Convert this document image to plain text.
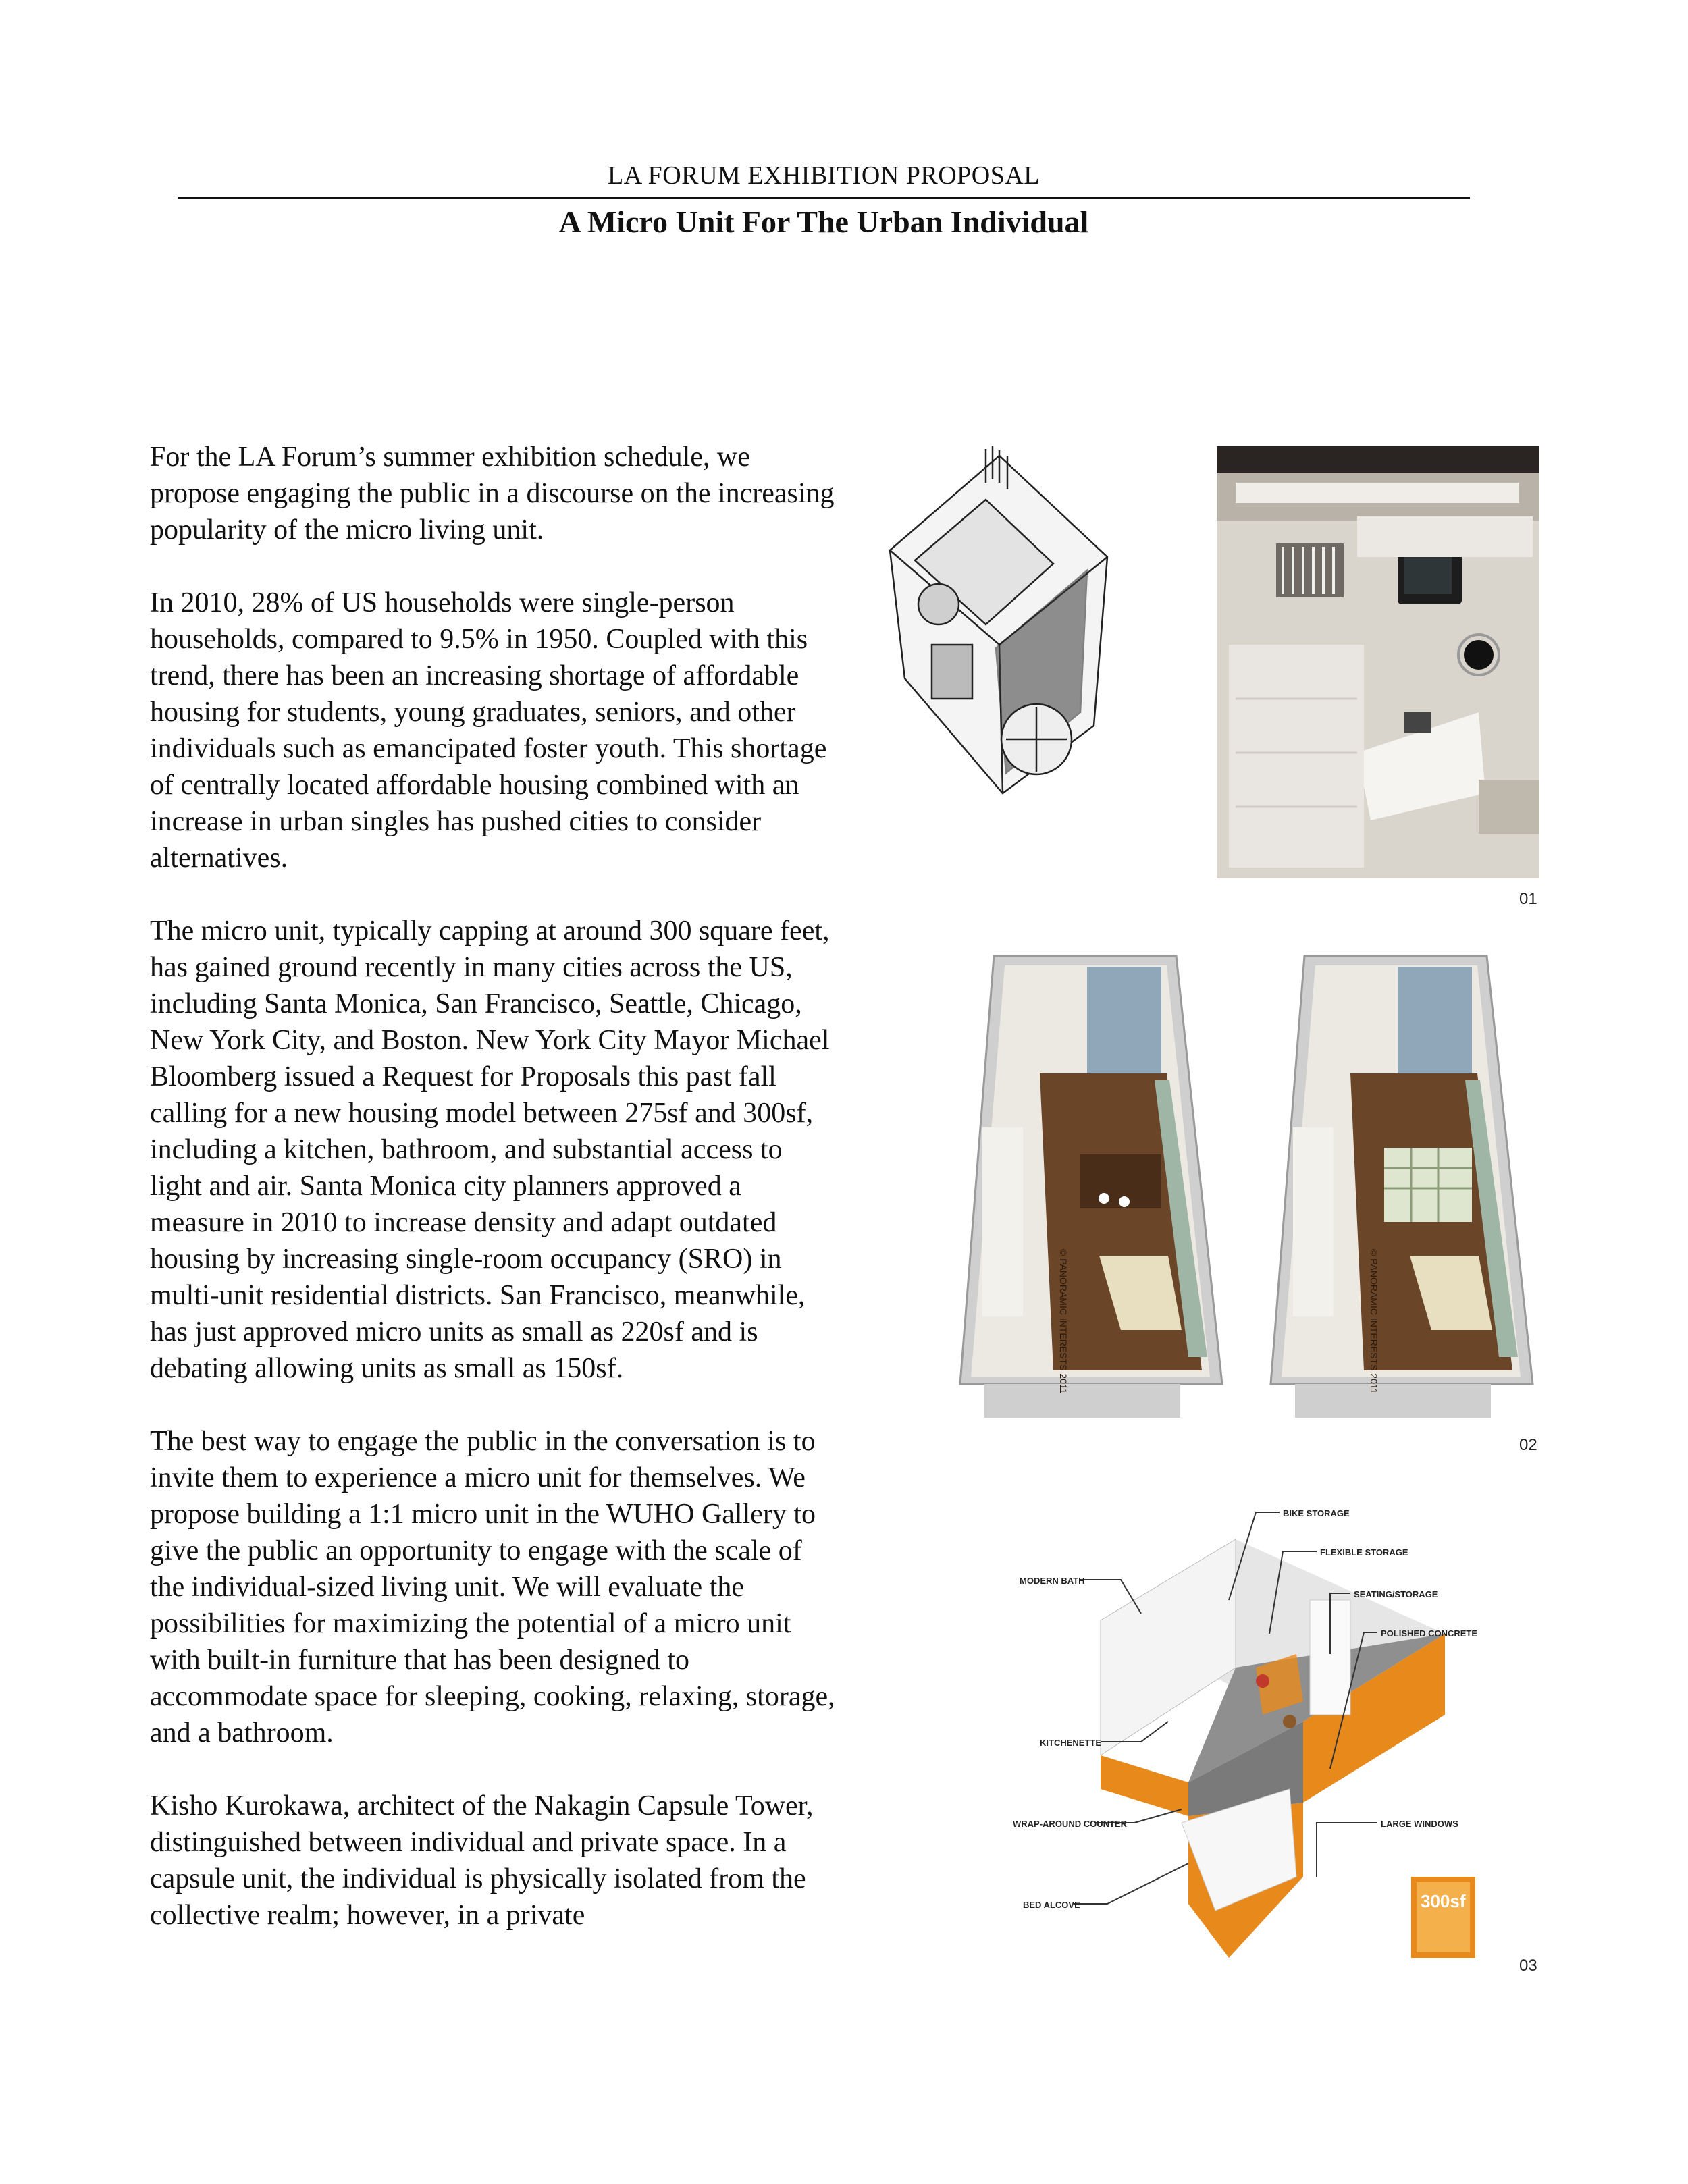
LA FORUM EXHIBITION PROPOSAL
A Micro Unit For The Urban Individual

For the LA Forum’s summer exhibition schedule, we propose engaging the public in a discourse on the increasing popularity of the micro living unit.

In 2010, 28% of US households were single-person households, compared to 9.5% in 1950. Coupled with this trend, there has been an increasing shortage of affordable housing for students, young graduates, seniors, and other individuals such as emancipated foster youth. This shortage of centrally located affordable housing combined with an increase in urban singles has pushed cities to consider alternatives.

The micro unit, typically capping at around 300 square feet, has gained ground recently in many cities across the US, including Santa Monica, San Francisco, Seattle, Chicago, New York City, and Boston. New York City Mayor Michael Bloomberg issued a Request for Proposals this past fall calling for a new housing model between 275sf and 300sf, including a kitchen, bathroom, and substantial access to light and air. Santa Monica city planners approved a measure in 2010 to increase density and adapt outdated housing by increasing single-room occupancy (SRO) in multi-unit residential districts. San Francisco, meanwhile, has just approved micro units as small as 220sf and is debating allowing units as small as 150sf.

The best way to engage the public in the conversation is to invite them to experience a micro unit for themselves. We propose building a 1:1 micro unit in the WUHO Gallery to give the public an opportunity to engage with the scale of the individual-sized living unit. We will evaluate the possibilities for maximizing the potential of a micro unit with built-in furniture that has been designed to accommodate space for sleeping, cooking, relaxing, storage, and a bathroom.

Kisho Kurokawa, architect of the Nakagin Capsule Tower, distinguished between individual and private space. In a capsule unit, the individual is physically isolated from the collective realm; however, in a private

01
© PANORAMIC INTERESTS 2011	© PANORAMIC INTERESTS 2011
02
BIKE STORAGE
FLEXIBLE STORAGE
SEATING/STORAGE
POLISHED CONCRETE
MODERN BATH
KITCHENETTE
WRAP-AROUND COUNTER	LARGE WINDOWS
BED ALCOVE	300sf
03
